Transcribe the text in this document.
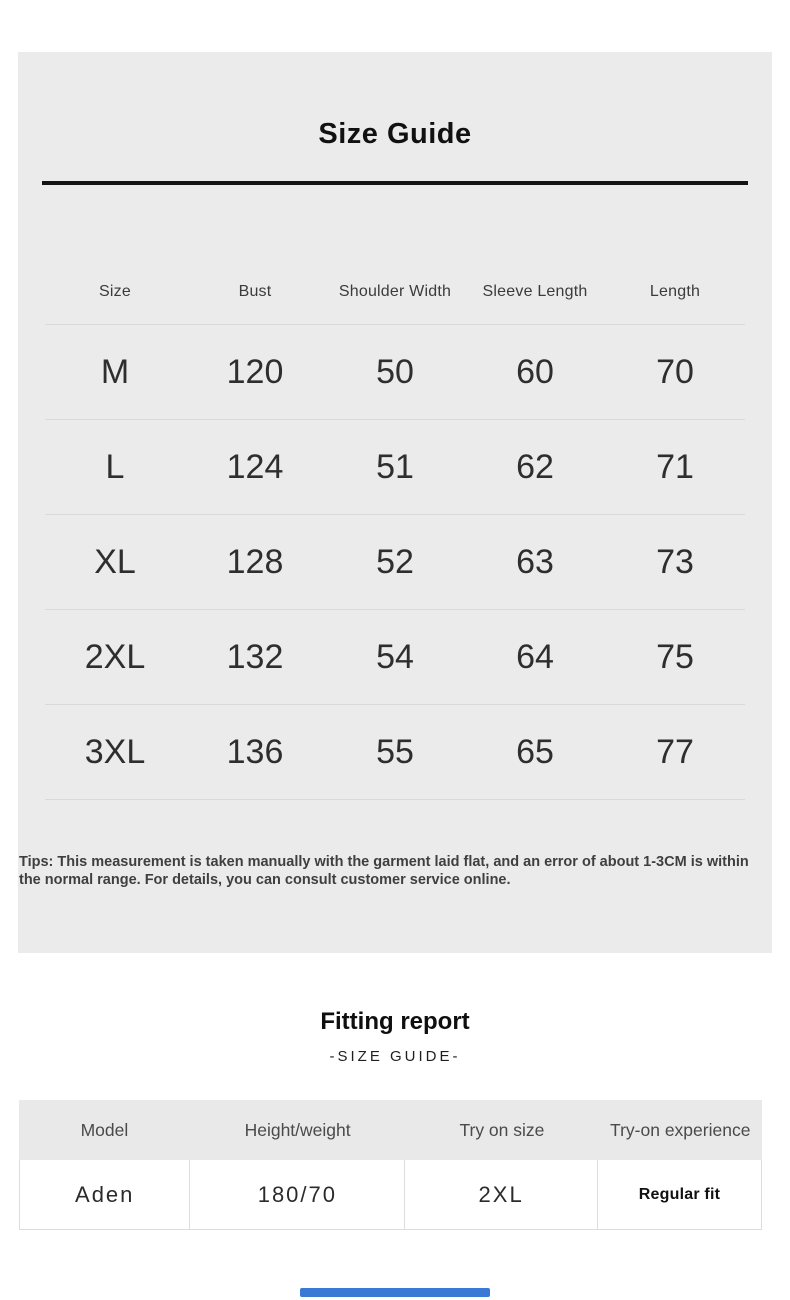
Size Guide
Size	Bust	Shoulder Width	Sleeve Length	Length
M	120	50	60	70
L	124	51	62	71
XL	128	52	63	73
2XL	132	54	64	75
3XL	136	55	65	77

Tips: This measurement is taken manually with the garment laid flat, and an error of about 1-3CM is within the normal range. For details, you can consult customer service online.

Fitting report
-SIZE GUIDE-
Model	Height/weight	Try on size	Try-on experience
Aden	180/70	2XL	Regular fit
